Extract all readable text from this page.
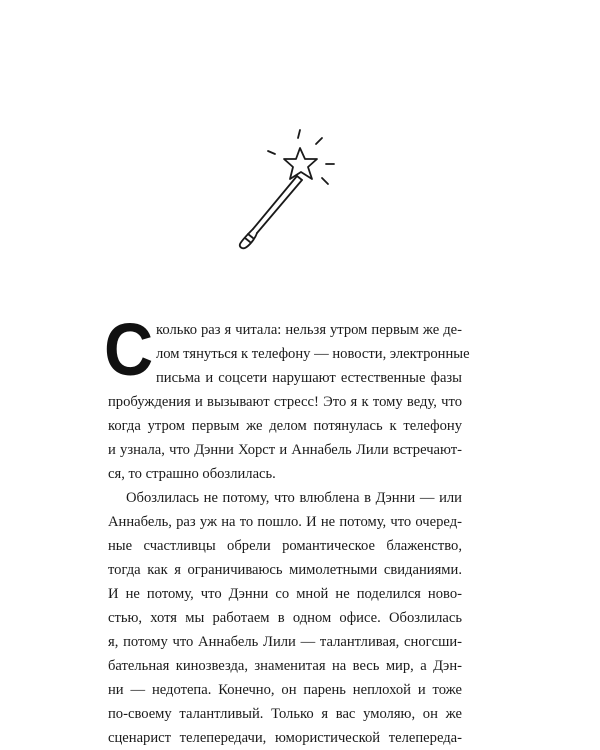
С колько раз я читала: нельзя утром первым же де-
лом тянуться к телефону — новости, электронные
письма и соцсети нарушают естественные фазы
пробуждения и вызывают стресс! Это я к тому веду, что
когда утром первым же делом потянулась к телефону
и узнала, что Дэнни Хорст и Аннабель Лили встречают-
ся, то страшно обозлилась.
Обозлилась не потому, что влюблена в Дэнни — или
Аннабель, раз уж на то пошло. И не потому, что очеред-
ные счастливцы обрели романтическое блаженство,
тогда как я ограничиваюсь мимолетными свиданиями.
И не потому, что Дэнни со мной не поделился ново-
стью, хотя мы работаем в одном офисе. Обозлилась
я, потому что Аннабель Лили — талантливая, сногсши-
бательная кинозвезда, знаменитая на весь мир, а Дэн-
ни — недотепа. Конечно, он парень неплохой и тоже
по-своему талантливый. Только я вас умоляю, он же
сценарист телепередачи, юмористической телепереда-
